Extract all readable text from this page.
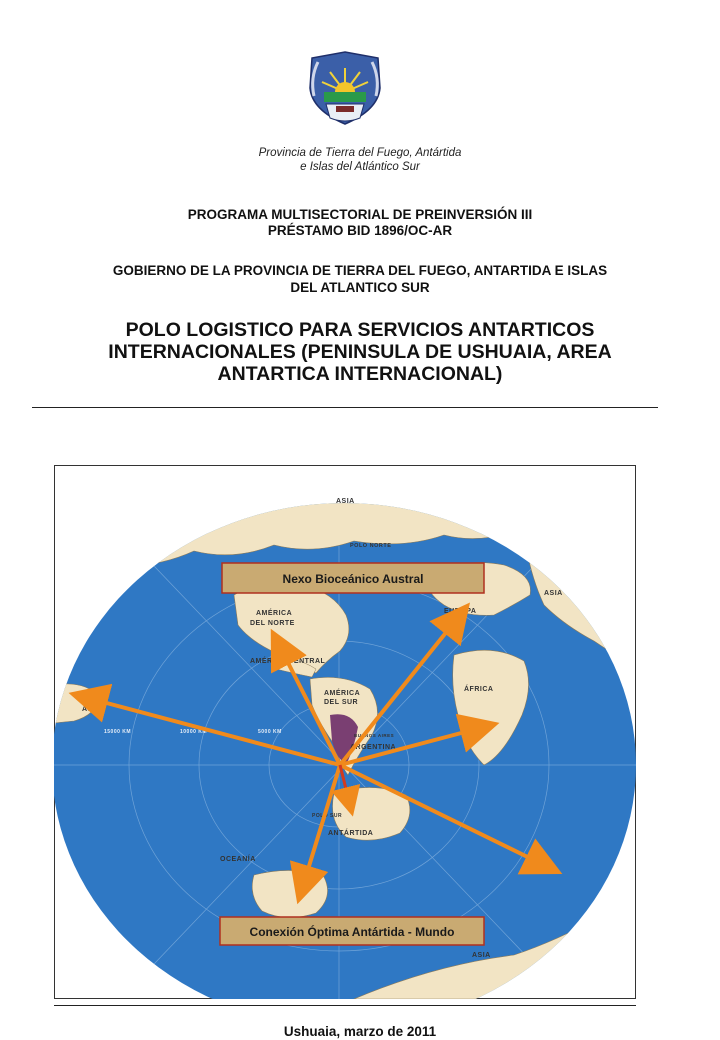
Provincia de Tierra del Fuego, Antártida
e Islas del Atlántico Sur
PROGRAMA MULTISECTORIAL DE PREINVERSIÓN III
PRÉSTAMO BID 1896/OC-AR
GOBIERNO DE LA PROVINCIA DE TIERRA DEL FUEGO, ANTARTIDA E ISLAS
DEL ATLANTICO SUR
POLO LOGISTICO PARA SERVICIOS ANTARTICOS
INTERNACIONALES (PENINSULA DE USHUAIA, AREA
ANTARTICA INTERNACIONAL)
ASIA
POLO NORTE
ASIA
AMÉRICA
DEL NORTE
EUROPA
AMÉRICA CENTRAL
ÁFRICA
AMÉRICA
DEL SUR
BUENOS AIRES
ARGENTINA
POLO SUR
ANTÁRTIDA
OCEANÍA
ASIA
ASIA
15000 KM	10000 KM	5000 KM
Nexo Bioceánico Austral
Conexión Óptima Antártida - Mundo
Ushuaia, marzo de 2011
